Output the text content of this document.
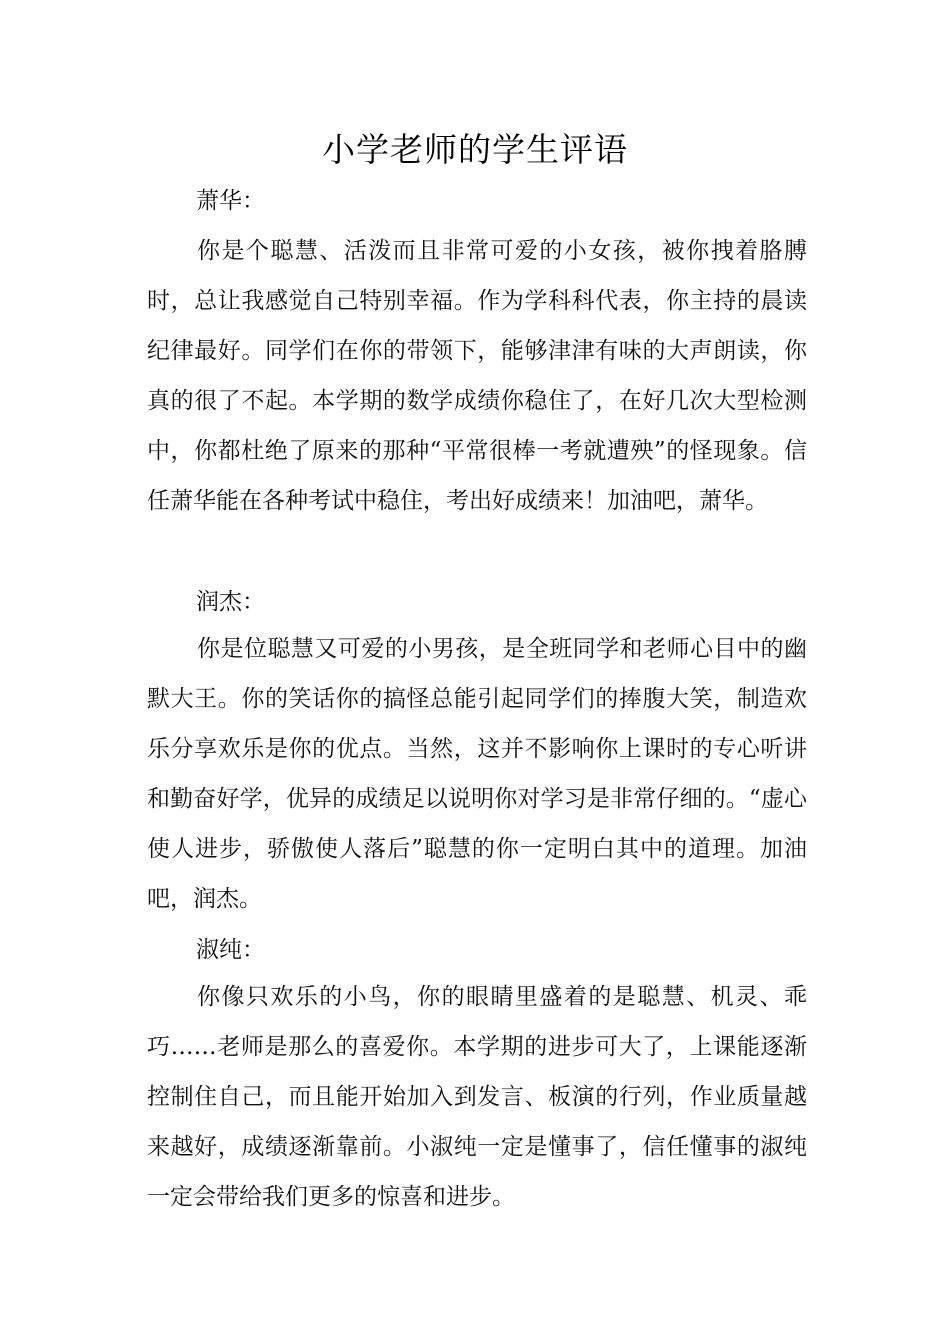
小学老师的学生评语
萧华：
你是个聪慧、活泼而且非常可爱的小女孩，被你拽着胳膊时，总让我感觉自己特别幸福。作为学科科代表，你主持的晨读纪律最好。同学们在你的带领下，能够津津有味的大声朗读，你真的很了不起。本学期的数学成绩你稳住了，在好几次大型检测中，你都杜绝了原来的那种“平常很棒一考就遭殃”的怪现象。信任萧华能在各种考试中稳住，考出好成绩来！加油吧，萧华。
润杰：
你是位聪慧又可爱的小男孩，是全班同学和老师心目中的幽默大王。你的笑话你的搞怪总能引起同学们的捧腹大笑，制造欢乐分享欢乐是你的优点。当然，这并不影响你上课时的专心听讲和勤奋好学，优异的成绩足以说明你对学习是非常仔细的。“虚心使人进步，骄傲使人落后”聪慧的你一定明白其中的道理。加油吧，润杰。
淑纯：
你像只欢乐的小鸟，你的眼睛里盛着的是聪慧、机灵、乖巧……老师是那么的喜爱你。本学期的进步可大了，上课能逐渐控制住自己，而且能开始加入到发言、板演的行列，作业质量越来越好，成绩逐渐靠前。小淑纯一定是懂事了，信任懂事的淑纯一定会带给我们更多的惊喜和进步。
